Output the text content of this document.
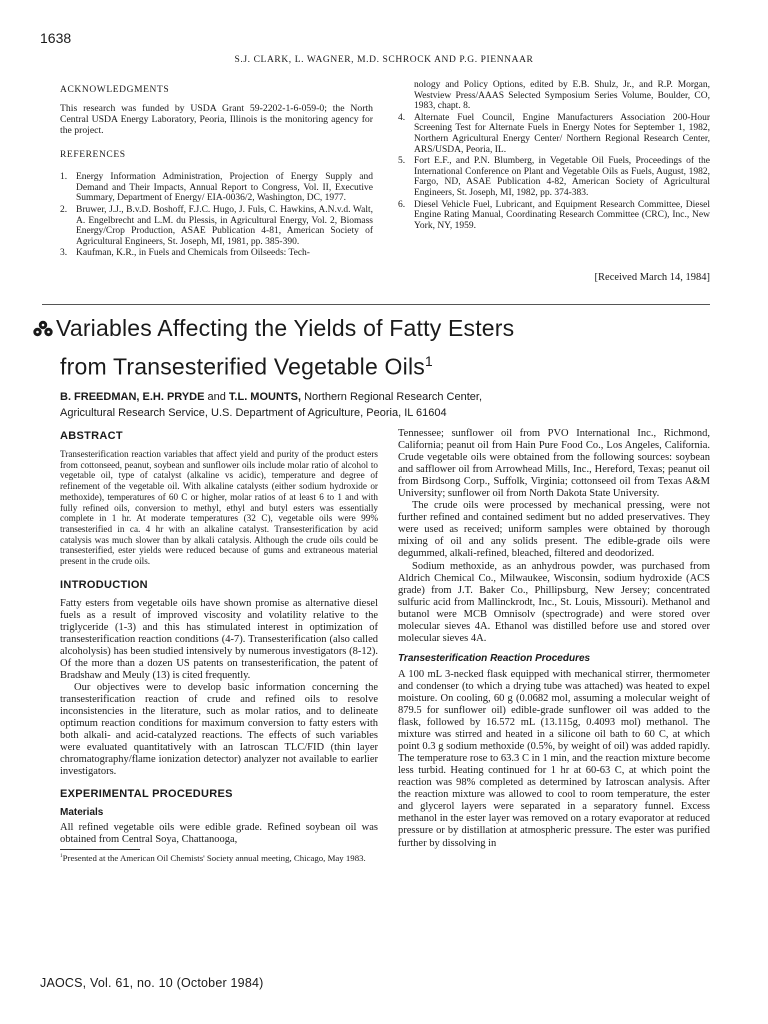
1638
S.J. CLARK, L. WAGNER, M.D. SCHROCK AND P.G. PIENNAAR
ACKNOWLEDGMENTS

This research was funded by USDA Grant 59-2202-1-6-059-0; the North Central USDA Energy Laboratory, Peoria, Illinois is the monitoring agency for the project.

REFERENCES
1. Energy Information Administration, Projection of Energy Supply and Demand and Their Impacts, Annual Report to Congress, Vol. II, Executive Summary, Department of Energy/ EIA-0036/2, Washington, DC, 1977.
2. Bruwer, J.J., B.v.D. Boshoff, F.J.C. Hugo, J. Fuls, C. Hawkins, A.N.v.d. Walt, A. Engelbrecht and L.M. du Plessis, in Agricultural Energy, Vol. 2, Biomass Energy/Crop Production, ASAE Publication 4-81, American Society of Agricultural Engineers, St. Joseph, MI, 1981, pp. 385-390.
3. Kaufman, K.R., in Fuels and Chemicals from Oilseeds: Tech-
nology and Policy Options, edited by E.B. Shulz, Jr., and R.P. Morgan, Westview Press/AAAS Selected Symposium Series Volume, Boulder, CO, 1983, chapt. 8.
4. Alternate Fuel Council, Engine Manufacturers Association 200-Hour Screening Test for Alternate Fuels in Energy Notes for September 1, 1982, Northern Agricultural Energy Center/ Northern Regional Research Center, ARS/USDA, Peoria, IL.
5. Fort E.F., and P.N. Blumberg, in Vegetable Oil Fuels, Proceedings of the International Conference on Plant and Vegetable Oils as Fuels, August, 1982, Fargo, ND, ASAE Publication 4-82, American Society of Agricultural Engineers, St. Joseph, MI, 1982, pp. 374-383.
6. Diesel Vehicle Fuel, Lubricant, and Equipment Research Committee, Diesel Engine Rating Manual, Coordinating Research Committee (CRC), Inc., New York, NY, 1959.
[Received March 14, 1984]
Variables Affecting the Yields of Fatty Esters
from Transesterified Vegetable Oils$^1$
B. FREEDMAN, E.H. PRYDE and T.L. MOUNTS, Northern Regional Research Center,
Agricultural Research Service, U.S. Department of Agriculture, Peoria, IL 61604
ABSTRACT

Transesterification reaction variables that affect yield and purity of the product esters from cottonseed, peanut, soybean and sunflower oils include molar ratio of alcohol to vegetable oil, type of catalyst (alkaline vs acidic), temperature and degree of refinement of the vegetable oil. With alkaline catalysts (either sodium hydroxide or methoxide), temperatures of 60 C or higher, molar ratios of at least 6 to 1 and with fully refined oils, conversion to methyl, ethyl and butyl esters was essentially complete in 1 hr. At moderate temperatures (32 C), vegetable oils were 99% transesterified in ca. 4 hr with an alkaline catalyst. Transesterification by acid catalysis was much slower than by alkali catalysis. Although the crude oils could be transesterified, ester yields were reduced because of gums and extraneous material present in the crude oils.

INTRODUCTION

Fatty esters from vegetable oils have shown promise as alternative diesel fuels as a result of improved viscosity and volatility relative to the triglyceride (1-3) and this has stimulated interest in optimization of transesterification reaction conditions (4-7). Transesterification (also called alcoholysis) has been studied intensively by numerous investigators (8-12). Of the more than a dozen US patents on transesterification, the patent of Bradshaw and Meuly (13) is cited frequently.

Our objectives were to develop basic information concerning the transesterification reaction of crude and refined oils to resolve inconsistencies in the literature, such as molar ratios, and to delineate optimum reaction conditions for maximum conversion to fatty esters with both alkali- and acid-catalyzed reactions. The effects of such variables were evaluated quantitatively with an Iatroscan TLC/FID (thin layer chromatography/flame ionization detector) analyzer not available to earlier investigators.

EXPERIMENTAL PROCEDURES
Materials

All refined vegetable oils were edible grade. Refined soybean oil was obtained from Central Soya, Chattanooga,

$^1$Presented at the American Oil Chemists' Society annual meeting, Chicago, May 1983.

Tennessee; sunflower oil from PVO International Inc., Richmond, California; peanut oil from Hain Pure Food Co., Los Angeles, California. Crude vegetable oils were obtained from the following sources: soybean and safflower oil from Arrowhead Mills, Inc., Hereford, Texas; peanut oil from Birdsong Corp., Suffolk, Virginia; cottonseed oil from Texas A&M University; sunflower oil from North Dakota State University.

The crude oils were processed by mechanical pressing, were not further refined and contained sediment but no added preservatives. They were used as received; uniform samples were obtained by thorough mixing of oil and any solids present. The edible-grade oils were degummed, alkali-refined, bleached, filtered and deodorized.

Sodium methoxide, as an anhydrous powder, was purchased from Aldrich Chemical Co., Milwaukee, Wisconsin, sodium hydroxide (ACS grade) from J.T. Baker Co., Phillipsburg, New Jersey; concentrated sulfuric acid from Mallinckrodt, Inc., St. Louis, Missouri). Methanol and butanol were MCB Omnisolv (spectrograde) and were stored over molecular sieves 4A. Ethanol was distilled before use and stored over molecular sieves 4A.

Transesterification Reaction Procedures

A 100 mL 3-necked flask equipped with mechanical stirrer, thermometer and condenser (to which a drying tube was attached) was heated to expel moisture. On cooling, 60 g (0.0682 mol, assuming a molecular weight of 879.5 for sunflower oil) edible-grade sunflower oil was added to the flask, followed by 16.572 mL (13.115g, 0.4093 mol) methanol. The mixture was stirred and heated in a silicone oil bath to 60 C, at which point 0.3 g sodium methoxide (0.5%, by weight of oil) was added rapidly. The temperature rose to 63.3 C in 1 min, and the reaction mixture become less turbid. Heating continued for 1 hr at 60-63 C, at which point the reaction was 98% completed as determined by Iatroscan analysis. After the reaction mixture was allowed to cool to room temperature, the ester and glycerol layers were separated in a separatory funnel. Excess methanol in the ester layer was removed on a rotary evaporator at reduced pressure or by distillation at atmospheric pressure. The ester was purified further by dissolving in

JAOCS, Vol. 61, no. 10 (October 1984)
